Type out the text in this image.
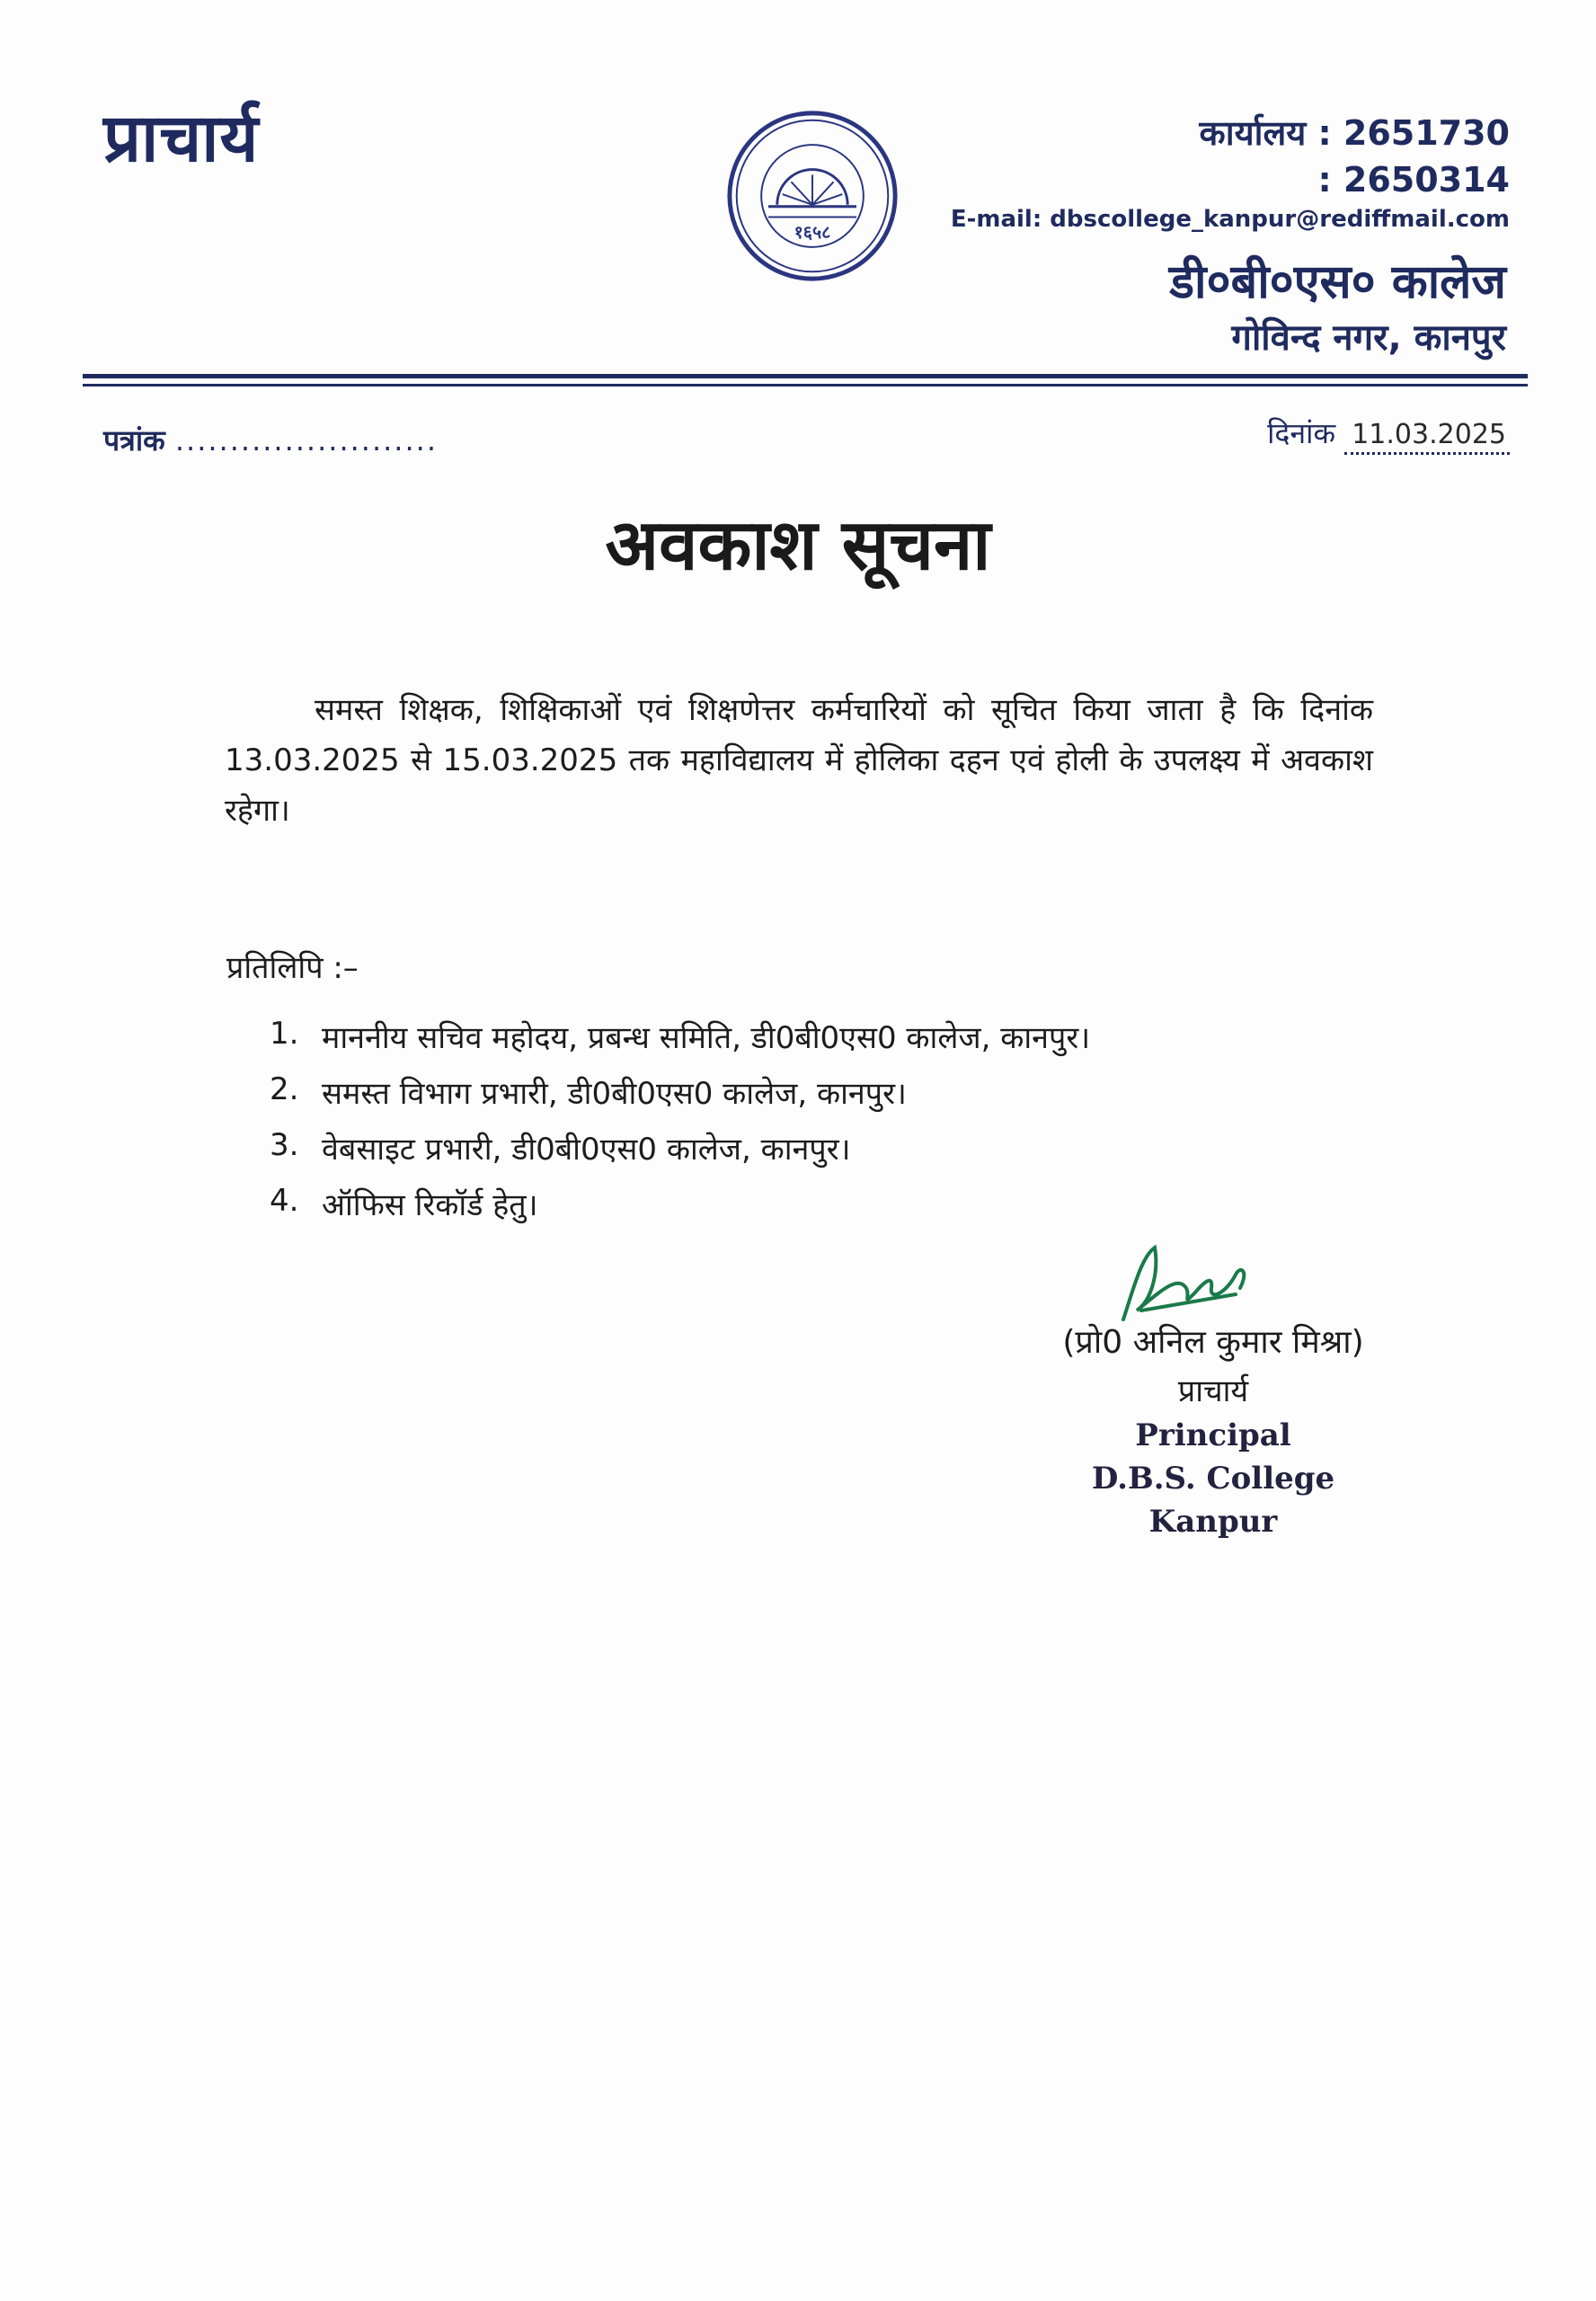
प्राचार्य
१६५८
कार्यालय : 2651730
: 2650314
E-mail: dbscollege_kanpur@rediffmail.com
डी०बी०एस० कालेज
गोविन्द नगर, कानपुर
पत्रांक ........................	दिनांक 11.03.2025
अवकाश सूचना
समस्त शिक्षक, शिक्षिकाओं एवं शिक्षणेत्तर कर्मचारियों को सूचित किया जाता है कि दिनांक 13.03.2025 से 15.03.2025 तक महाविद्यालय में होलिका दहन एवं होली के उपलक्ष्य में अवकाश रहेगा।
प्रतिलिपि :–
1. माननीय सचिव महोदय, प्रबन्ध समिति, डी0बी0एस0 कालेज, कानपुर।
2. समस्त विभाग प्रभारी, डी0बी0एस0 कालेज, कानपुर।
3. वेबसाइट प्रभारी, डी0बी0एस0 कालेज, कानपुर।
4. ऑफिस रिकॉर्ड हेतु।
(प्रो0 अनिल कुमार मिश्रा)
प्राचार्य
Principal
D.B.S. College Kanpur
